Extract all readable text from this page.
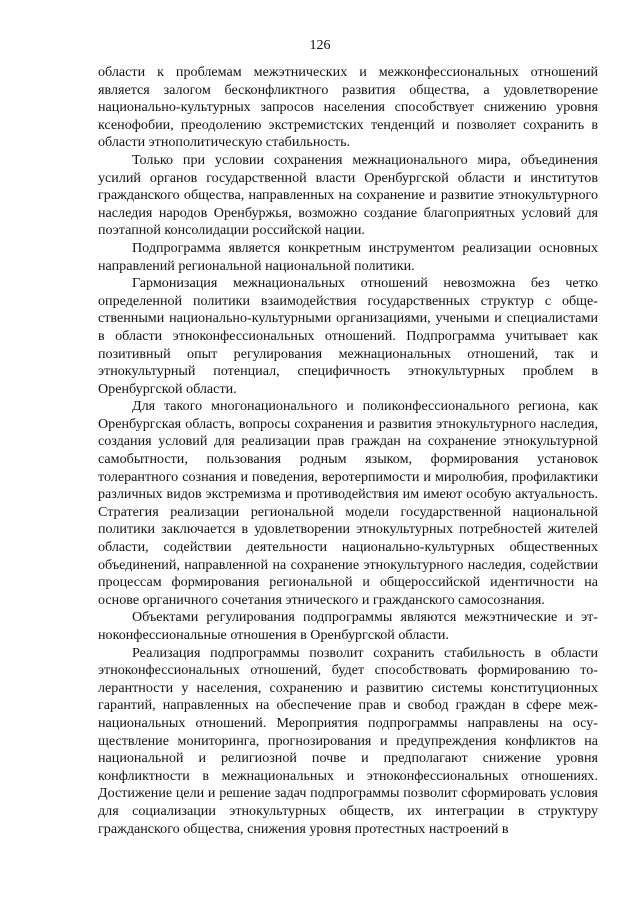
126

области к проблемам межэтнических и межконфессиональных отношений является залогом бесконфликтного развития общества, а удовлетворение национально-культурных запросов населения способствует снижению уровня ксенофобии, преодолению экстремистских тенденций и позволяет сохранить в области этнополитическую стабильность.

Только при условии сохранения межнационального мира, объединения усилий органов государственной власти Оренбургской области и институтов гражданского общества, направленных на сохранение и развитие этнокультурного наследия народов Оренбуржья, возможно создание благоприятных условий для поэтапной консолидации российской нации.

Подпрограмма является конкретным инструментом реализации основных направлений региональной национальной политики.

Гармонизация межнациональных отношений невозможна без четко определенной политики взаимодействия государственных структур с общественными национально-культурными организациями, учеными и специалистами в области этноконфессиональных отношений. Подпрограмма учитывает как позитивный опыт регулирования межнациональных отношений, так и этнокультурный потенциал, специфичность этнокультурных проблем в Оренбургской области.

Для такого многонационального и поликонфессионального региона, как Оренбургская область, вопросы сохранения и развития этнокультурного наследия, создания условий для реализации прав граждан на сохранение этнокультурной самобытности, пользования родным языком, формирования установок толерантного сознания и поведения, веротерпимости и миролюбия, профилактики различных видов экстремизма и противодействия им имеют особую актуальность. Стратегия реализации региональной модели государственной национальной политики заключается в удовлетворении этнокультурных потребностей жителей области, содействии деятельности национально-культурных общественных объединений, направленной на сохранение этнокультурного наследия, содействии процессам формирования региональной и общероссийской идентичности на основе органичного сочетания этнического и гражданского самосознания.

Объектами регулирования подпрограммы являются межэтнические и этноконфессиональные отношения в Оренбургской области.

Реализация подпрограммы позволит сохранить стабильность в области этноконфессиональных отношений, будет способствовать формированию толерантности у населения, сохранению и развитию системы конституционных гарантий, направленных на обеспечение прав и свобод граждан в сфере межнациональных отношений. Мероприятия подпрограммы направлены на осуществление мониторинга, прогнозирования и предупреждения конфликтов на национальной и религиозной почве и предполагают снижение уровня конфликтности в межнациональных и этноконфессиональных отношениях. Достижение цели и решение задач подпрограммы позволит сформировать условия для социализации этнокультурных обществ, их интеграции в структуру гражданского общества, снижения уровня протестных настроений в
